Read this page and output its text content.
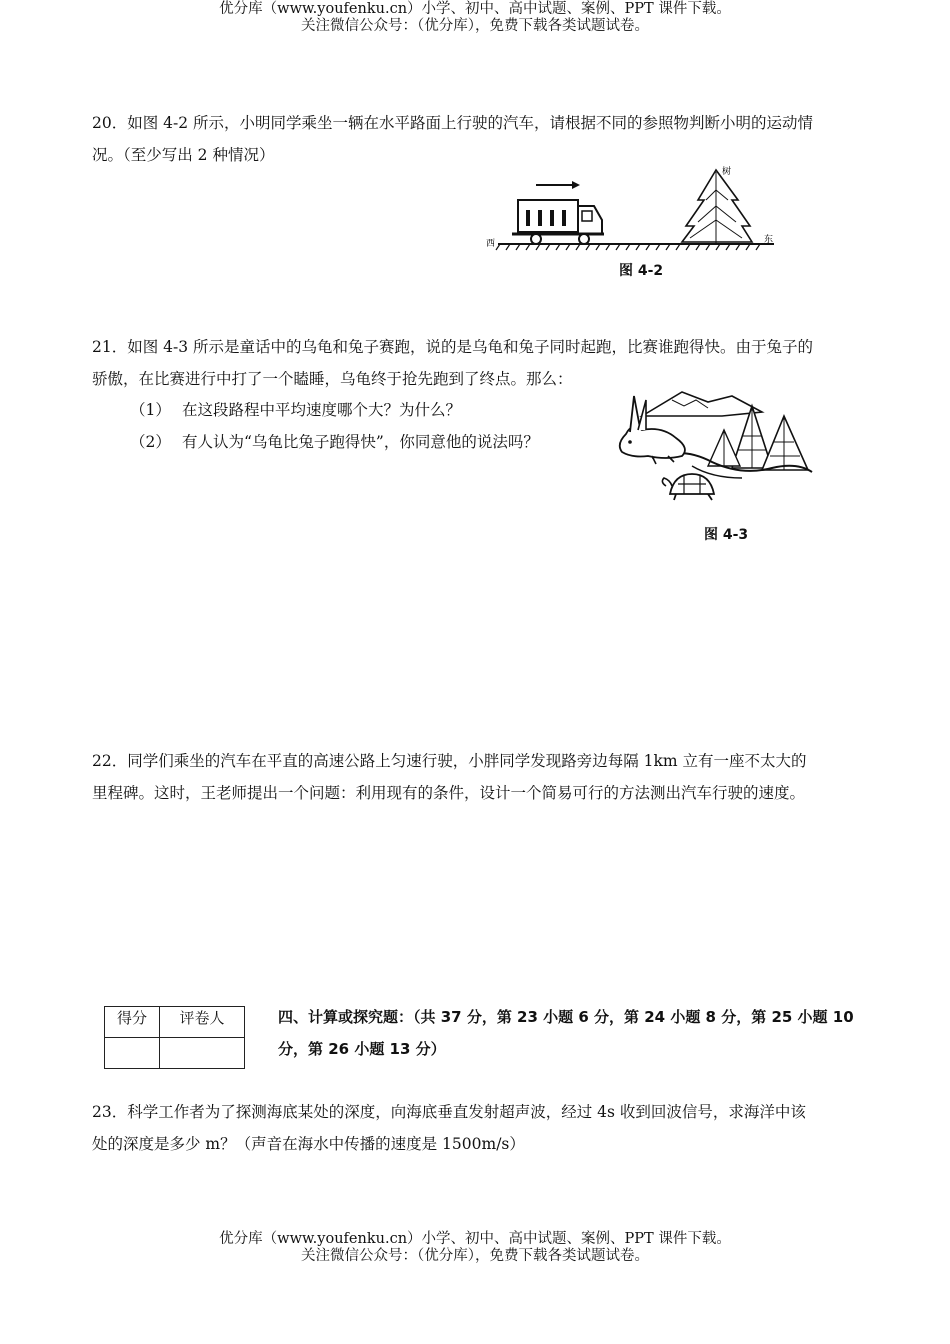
优分库（www.youfenku.cn）小学、初中、高中试题、案例、PPT 课件下载。
关注微信公众号：（优分库），免费下载各类试题试卷。
20．如图 4-2 所示，小明同学乘坐一辆在水平路面上行驶的汽车，请根据不同的参照物判断小明的运动情
况。（至少写出 2 种情况）
西	东
树
图 4-2
21．如图 4-3 所示是童话中的乌龟和兔子赛跑，说的是乌龟和兔子同时起跑，比赛谁跑得快。由于兔子的
骄傲，在比赛进行中打了一个瞌睡，乌龟终于抢先跑到了终点。那么：
（1） 在这段路程中平均速度哪个大？为什么？
（2） 有人认为“乌龟比兔子跑得快”，你同意他的说法吗？
图 4-3
22．同学们乘坐的汽车在平直的高速公路上匀速行驶，小胖同学发现路旁边每隔 1km 立有一座不太大的
里程碑。这时，王老师提出一个问题：利用现有的条件，设计一个简易可行的方法测出汽车行驶的速度。
得分	评卷人
		四、计算或探究题：（共 37 分，第 23 小题 6 分，第 24 小题 8 分，第 25 小题 10
分，第 26 小题 13 分）
23．科学工作者为了探测海底某处的深度，向海底垂直发射超声波，经过 4s 收到回波信号，求海洋中该
处的深度是多少 m？（声音在海水中传播的速度是 1500m/s）
优分库（www.youfenku.cn）小学、初中、高中试题、案例、PPT 课件下载。
关注微信公众号：（优分库），免费下载各类试题试卷。
